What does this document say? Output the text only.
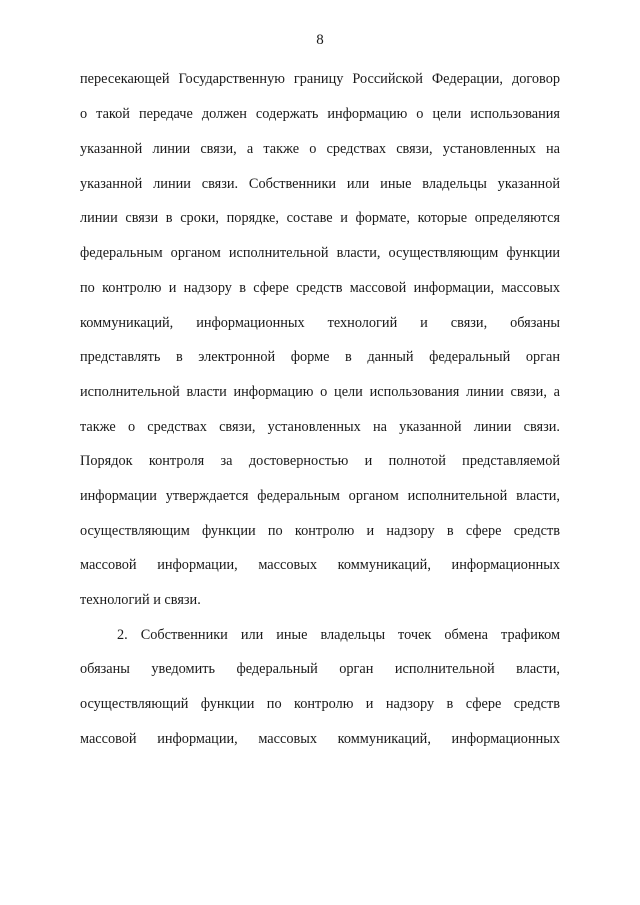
8
пересекающей Государственную границу Российской Федерации, договор
о такой передаче должен содержать информацию о цели использования
указанной линии связи, а также о средствах связи, установленных на
указанной линии связи. Собственники или иные владельцы указанной
линии связи в сроки, порядке, составе и формате, которые определяются
федеральным органом исполнительной власти, осуществляющим функции
по контролю и надзору в сфере средств массовой информации, массовых
коммуникаций, информационных технологий и связи, обязаны
представлять в электронной форме в данный федеральный орган
исполнительной власти информацию о цели использования линии связи, а
также о средствах связи, установленных на указанной линии связи.
Порядок контроля за достоверностью и полнотой представляемой
информации утверждается федеральным органом исполнительной власти,
осуществляющим функции по контролю и надзору в сфере средств
массовой информации, массовых коммуникаций, информационных
технологий и связи.
2. Собственники или иные владельцы точек обмена трафиком
обязаны уведомить федеральный орган исполнительной власти,
осуществляющий функции по контролю и надзору в сфере средств
массовой информации, массовых коммуникаций, информационных
